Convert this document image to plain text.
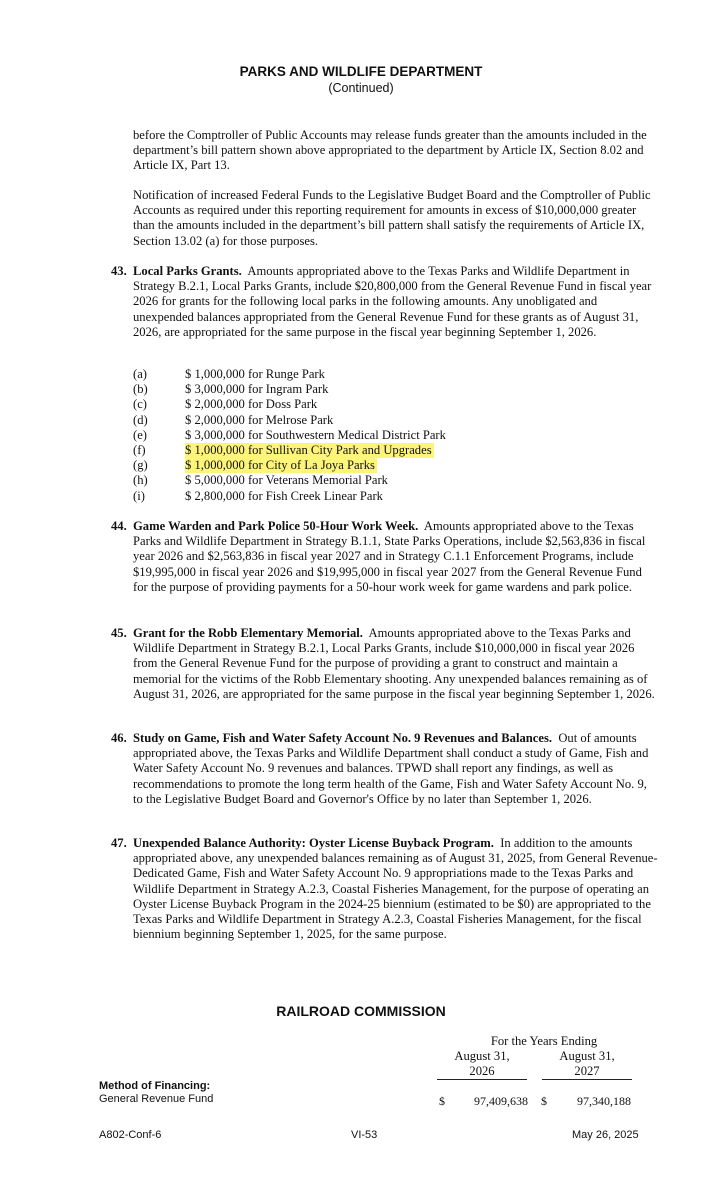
PARKS AND WILDLIFE DEPARTMENT
(Continued)

before the Comptroller of Public Accounts may release funds greater than the amounts included in the department’s bill pattern shown above appropriated to the department by Article IX, Section 8.02 and Article IX, Part 13.

Notification of increased Federal Funds to the Legislative Budget Board and the Comptroller of Public Accounts as required under this reporting requirement for amounts in excess of $10,000,000 greater than the amounts included in the department’s bill pattern shall satisfy the requirements of Article IX, Section 13.02 (a) for those purposes.

43. Local Parks Grants. Amounts appropriated above to the Texas Parks and Wildlife Department in Strategy B.2.1, Local Parks Grants, include $20,800,000 from the General Revenue Fund in fiscal year 2026 for grants for the following local parks in the following amounts. Any unobligated and unexpended balances appropriated from the General Revenue Fund for these grants as of August 31, 2026, are appropriated for the same purpose in the fiscal year beginning September 1, 2026.
(a)	$ 1,000,000 for Runge Park
(b)	$ 3,000,000 for Ingram Park
(c)	$ 2,000,000 for Doss Park
(d)	$ 2,000,000 for Melrose Park
(e)	$ 3,000,000 for Southwestern Medical District Park
(f)	$ 1,000,000 for Sullivan City Park and Upgrades
(g)	$ 1,000,000 for City of La Joya Parks
(h)	$ 5,000,000 for Veterans Memorial Park
(i)	$ 2,800,000 for Fish Creek Linear Park
44. Game Warden and Park Police 50-Hour Work Week. Amounts appropriated above to the Texas Parks and Wildlife Department in Strategy B.1.1, State Parks Operations, include $2,563,836 in fiscal year 2026 and $2,563,836 in fiscal year 2027 and in Strategy C.1.1 Enforcement Programs, include $19,995,000 in fiscal year 2026 and $19,995,000 in fiscal year 2027 from the General Revenue Fund for the purpose of providing payments for a 50-hour work week for game wardens and park police.
45. Grant for the Robb Elementary Memorial. Amounts appropriated above to the Texas Parks and Wildlife Department in Strategy B.2.1, Local Parks Grants, include $10,000,000 in fiscal year 2026 from the General Revenue Fund for the purpose of providing a grant to construct and maintain a memorial for the victims of the Robb Elementary shooting. Any unexpended balances remaining as of August 31, 2026, are appropriated for the same purpose in the fiscal year beginning September 1, 2026.
46. Study on Game, Fish and Water Safety Account No. 9 Revenues and Balances. Out of amounts appropriated above, the Texas Parks and Wildlife Department shall conduct a study of Game, Fish and Water Safety Account No. 9 revenues and balances. TPWD shall report any findings, as well as recommendations to promote the long term health of the Game, Fish and Water Safety Account No. 9, to the Legislative Budget Board and Governor's Office by no later than September 1, 2026.
47. Unexpended Balance Authority: Oyster License Buyback Program. In addition to the amounts appropriated above, any unexpended balances remaining as of August 31, 2025, from General Revenue-Dedicated Game, Fish and Water Safety Account No. 9 appropriations made to the Texas Parks and Wildlife Department in Strategy A.2.3, Coastal Fisheries Management, for the purpose of operating an Oyster License Buyback Program in the 2024-25 biennium (estimated to be $0) are appropriated to the Texas Parks and Wildlife Department in Strategy A.2.3, Coastal Fisheries Management, for the fiscal biennium beginning September 1, 2025, for the same purpose.
RAILROAD COMMISSION
For the Years Ending
August 31,
2026
August 31,
2027
Method of Financing:
General Revenue Fund	$	97,409,638 $	97,340,188
A802-Conf-6	VI-53	May 26, 2025
